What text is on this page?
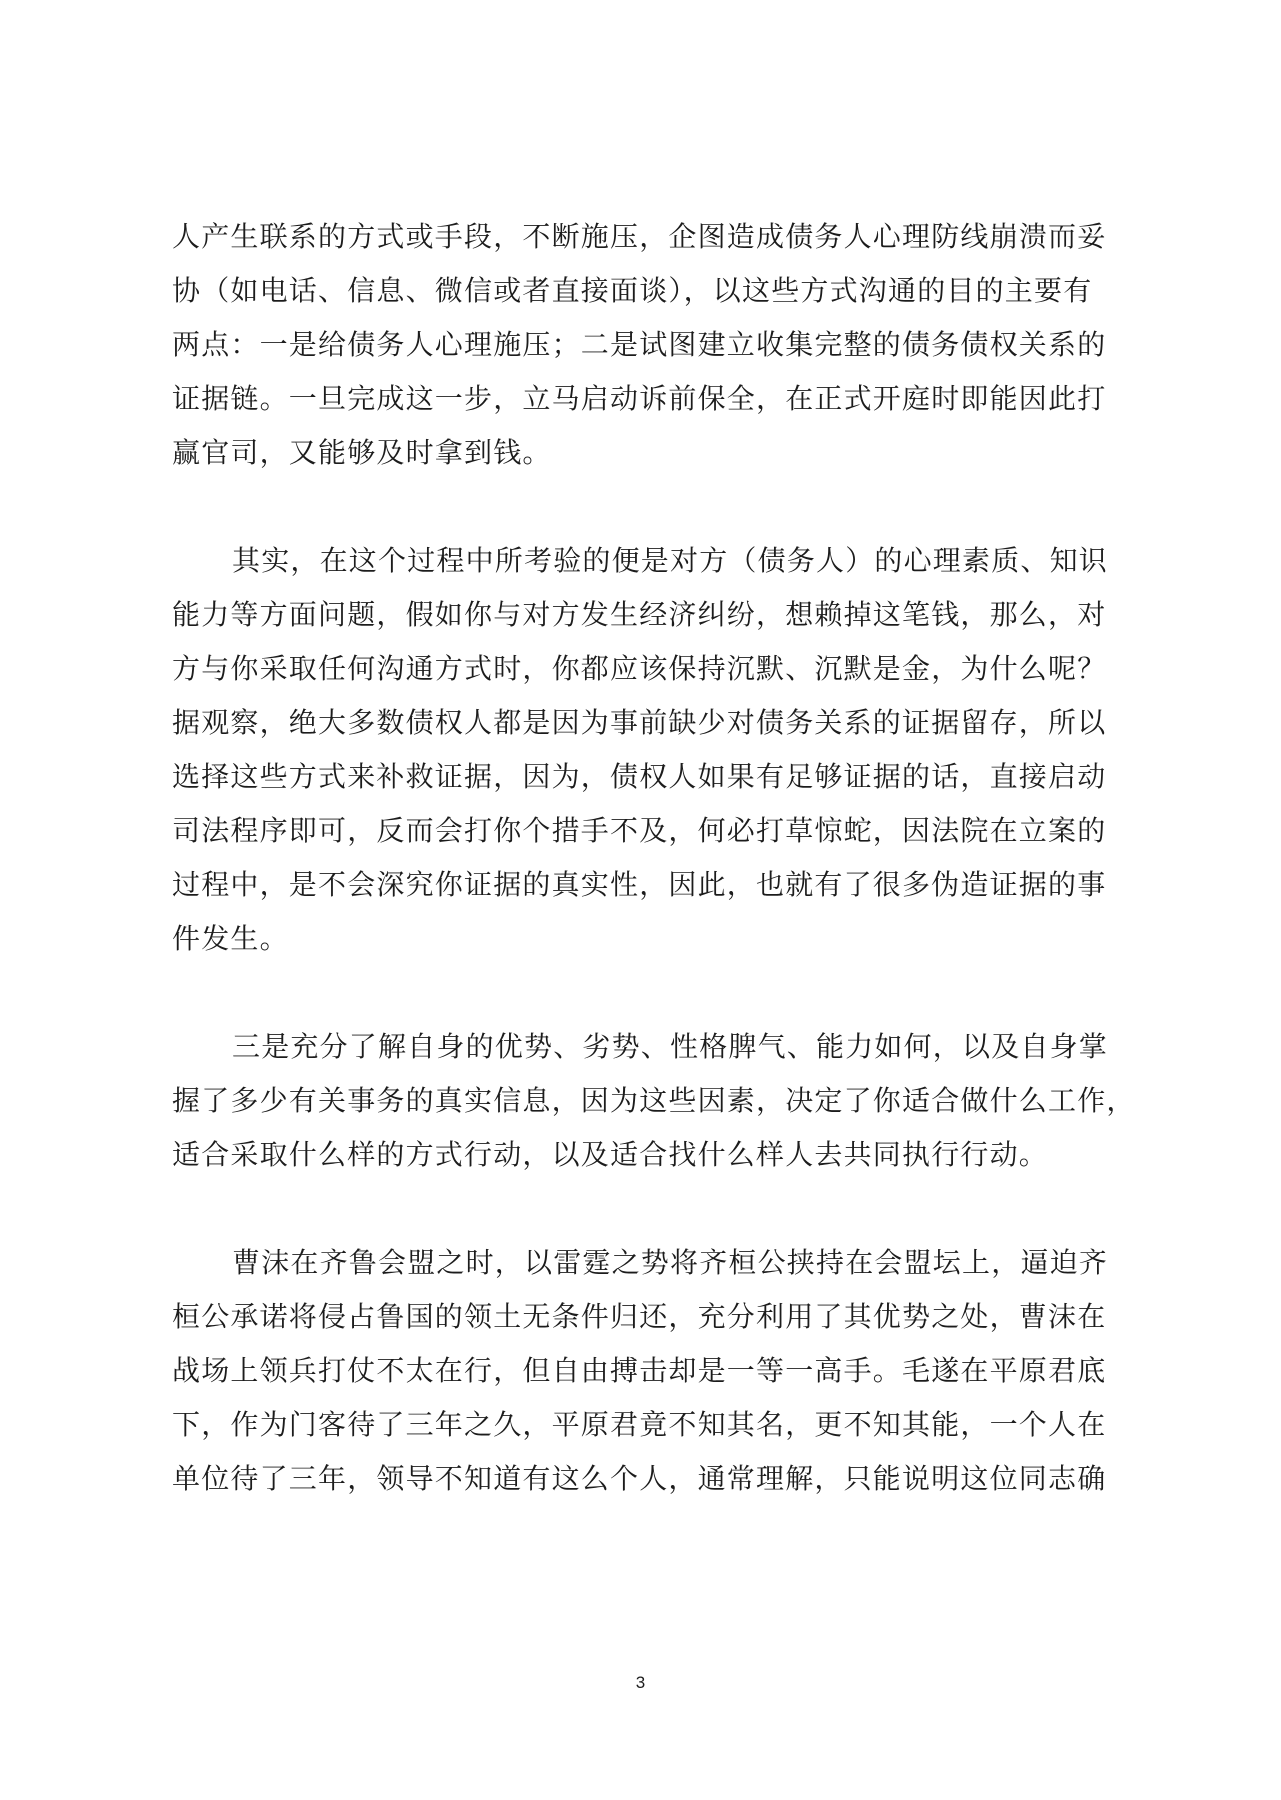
人产生联系的方式或手段，不断施压，企图造成债务人心理防线崩溃而妥
协（如电话、信息、微信或者直接面谈），以这些方式沟通的目的主要有
两点：一是给债务人心理施压；二是试图建立收集完整的债务债权关系的
证据链。一旦完成这一步，立马启动诉前保全，在正式开庭时即能因此打
赢官司，又能够及时拿到钱。

其实，在这个过程中所考验的便是对方（债务人）的心理素质、知识
能力等方面问题，假如你与对方发生经济纠纷，想赖掉这笔钱，那么，对
方与你采取任何沟通方式时，你都应该保持沉默、沉默是金，为什么呢？
据观察，绝大多数债权人都是因为事前缺少对债务关系的证据留存，所以
选择这些方式来补救证据，因为，债权人如果有足够证据的话，直接启动
司法程序即可，反而会打你个措手不及，何必打草惊蛇，因法院在立案的
过程中，是不会深究你证据的真实性，因此，也就有了很多伪造证据的事
件发生。

三是充分了解自身的优势、劣势、性格脾气、能力如何，以及自身掌
握了多少有关事务的真实信息，因为这些因素，决定了你适合做什么工作，
适合采取什么样的方式行动，以及适合找什么样人去共同执行行动。

曹沫在齐鲁会盟之时，以雷霆之势将齐桓公挟持在会盟坛上，逼迫齐
桓公承诺将侵占鲁国的领土无条件归还，充分利用了其优势之处，曹沫在
战场上领兵打仗不太在行，但自由搏击却是一等一高手。毛遂在平原君底
下，作为门客待了三年之久，平原君竟不知其名，更不知其能，一个人在
单位待了三年，领导不知道有这么个人，通常理解，只能说明这位同志确

3
